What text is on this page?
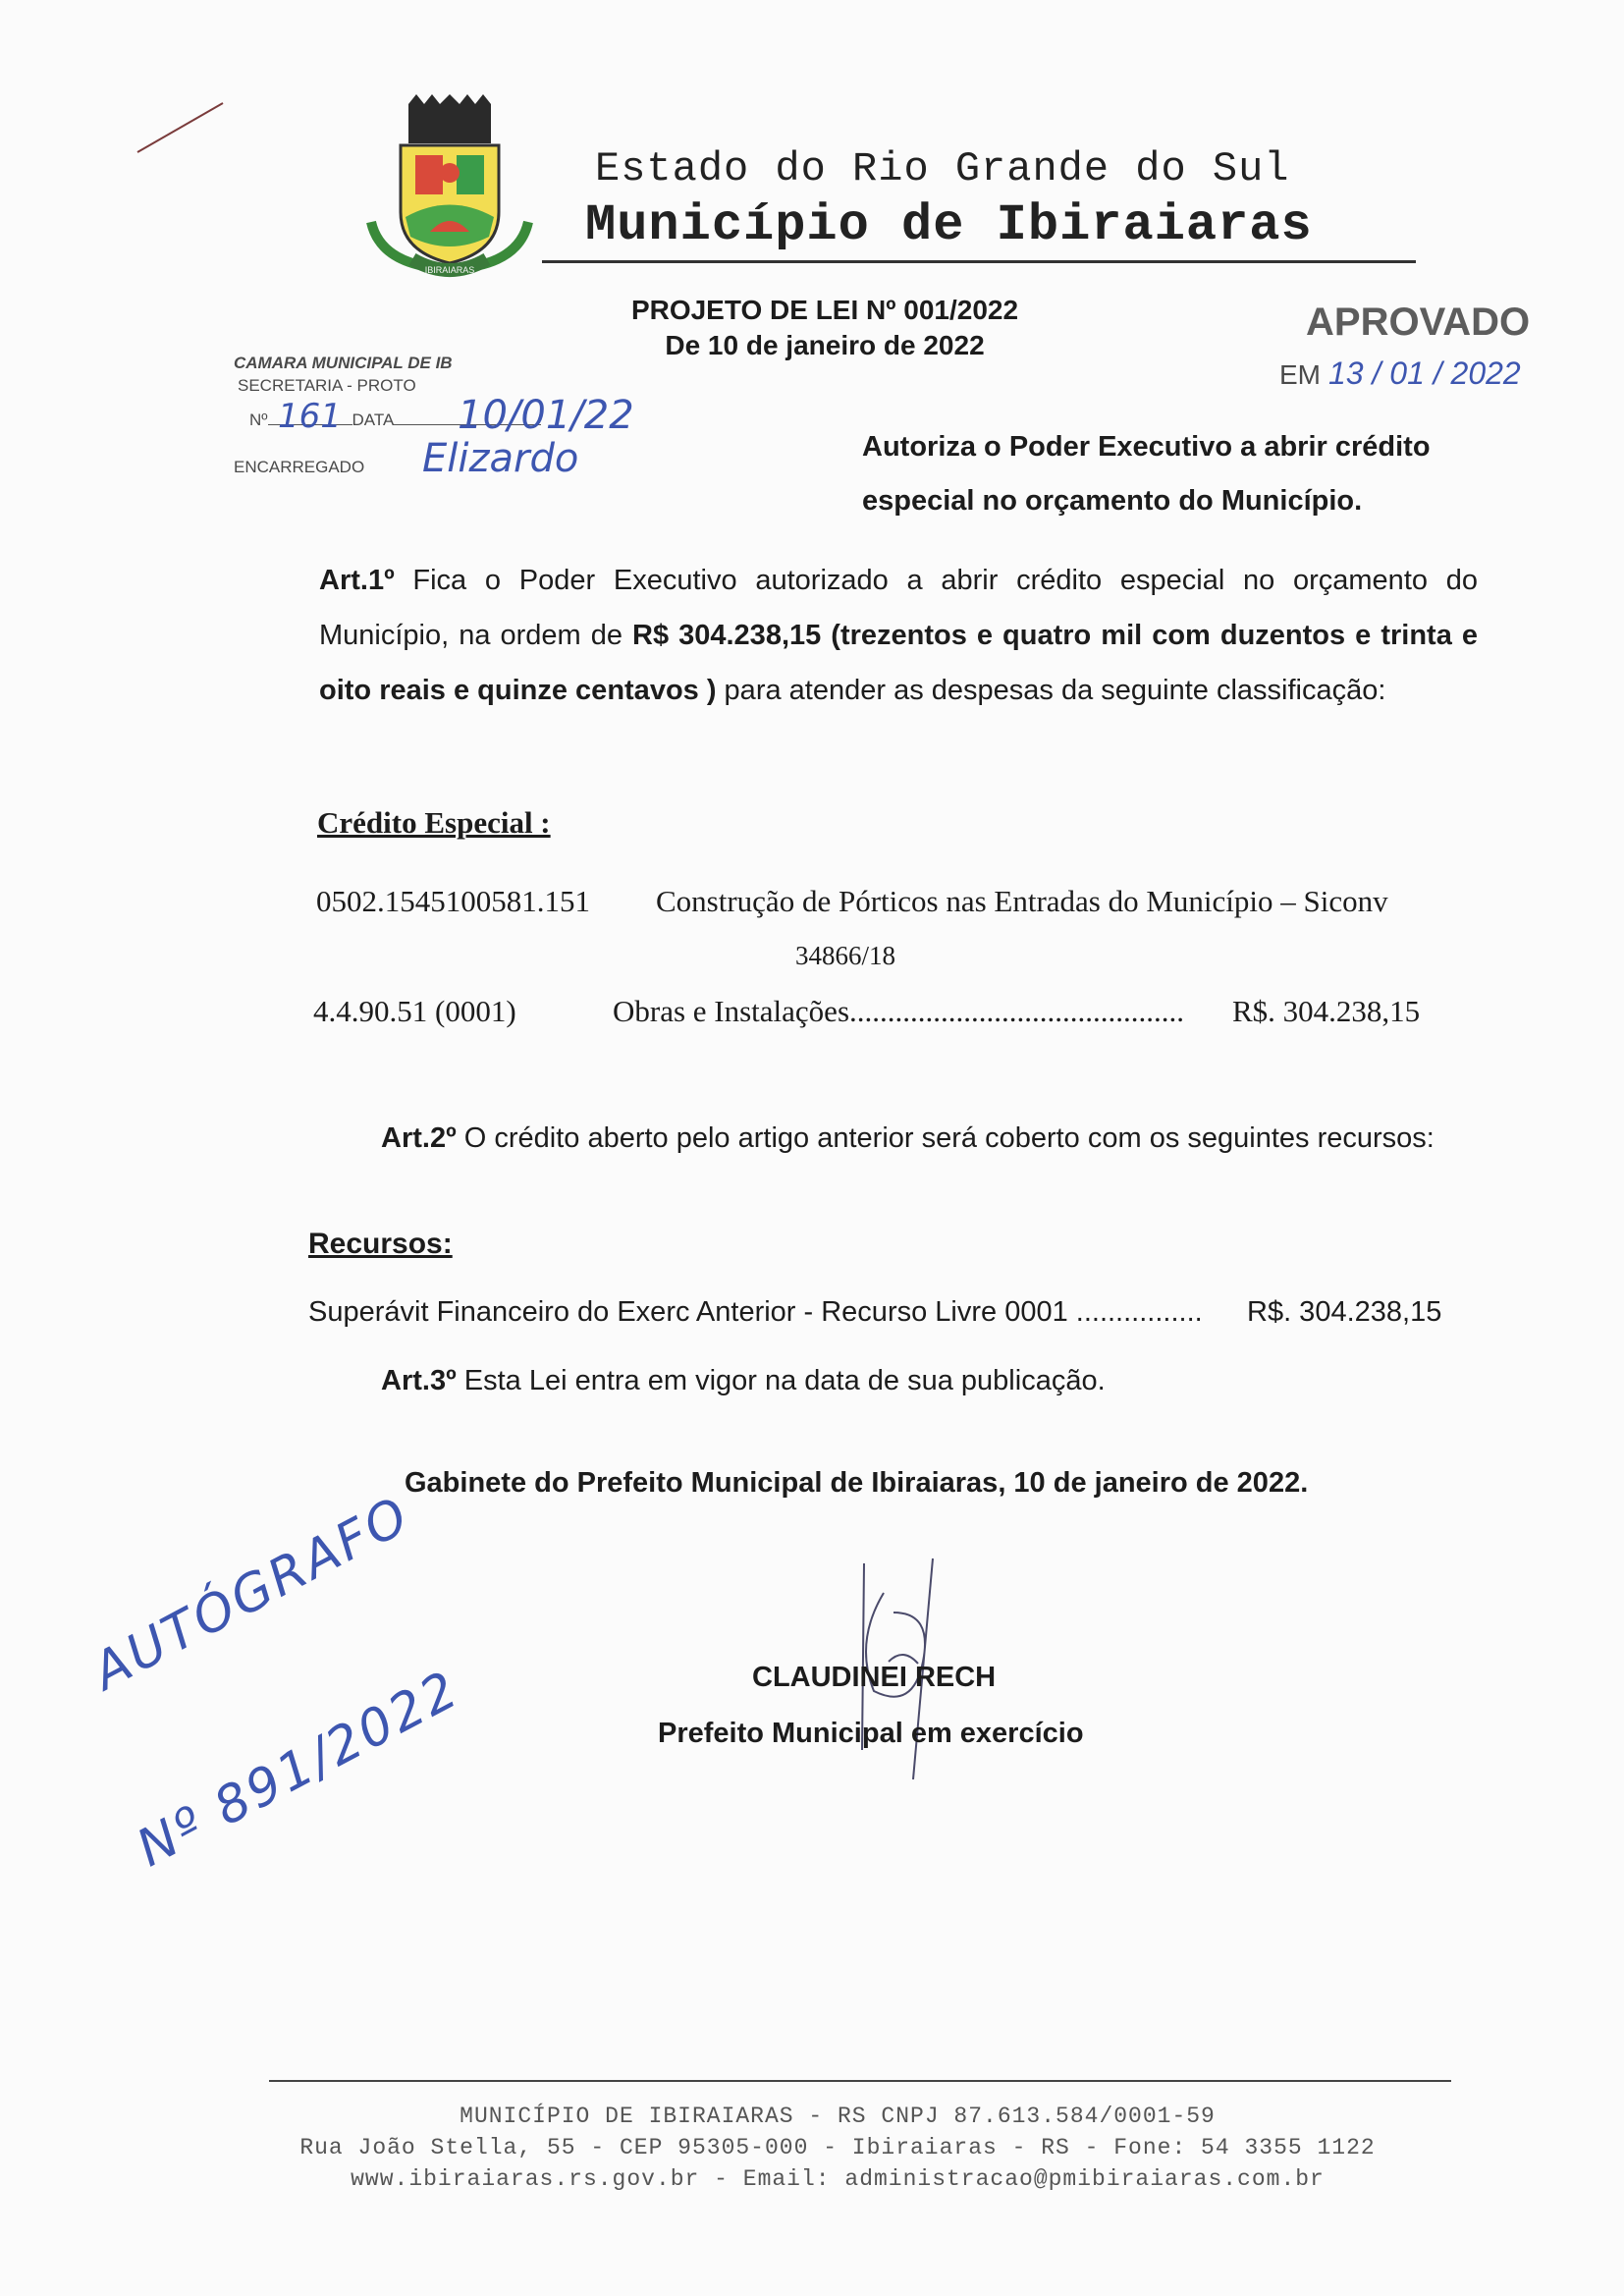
IBIRAIARAS
Estado do Rio Grande do Sul
Município de Ibiraiaras
PROJETO DE LEI Nº 001/2022
De 10 de janeiro de 2022
APROVADO
EM 13 / 01 / 2022
CAMARA MUNICIPAL DE IB
SECRETARIA - PROTO
Nº	DATA
161	10/01/22
ENCARREGADO Elizardo	Autoriza o Poder Executivo a abrir crédito especial no orçamento do Município.
Art.1º Fica o Poder Executivo autorizado a abrir crédito especial no orçamento do Município, na ordem de R$ 304.238,15 (trezentos e quatro mil com duzentos e trinta e oito reais e quinze centavos ) para atender as despesas da seguinte classificação:
Crédito Especial :
0502.1545100581.151 Construção de Pórticos nas Entradas do Município – Siconv
34866/18
4.4.90.51 (0001)	Obras e Instalações............................................ R$. 304.238,15
Art.2º O crédito aberto pelo artigo anterior será coberto com os seguintes recursos:
Recursos:
Superávit Financeiro do Exerc Anterior - Recurso Livre 0001 ................ R$. 304.238,15
Art.3º Esta Lei entra em vigor na data de sua publicação.
Gabinete do Prefeito Municipal de Ibiraiaras, 10 de janeiro de 2022.
CLAUDINEI RECH
Prefeito Municipal em exercício
AUTÓGRAFO
Nº 891/2022
MUNICÍPIO DE IBIRAIARAS - RS CNPJ 87.613.584/0001-59
Rua João Stella, 55 - CEP 95305-000 - Ibiraiaras - RS - Fone: 54 3355 1122
www.ibiraiaras.rs.gov.br - Email: administracao@pmibiraiaras.com.br
